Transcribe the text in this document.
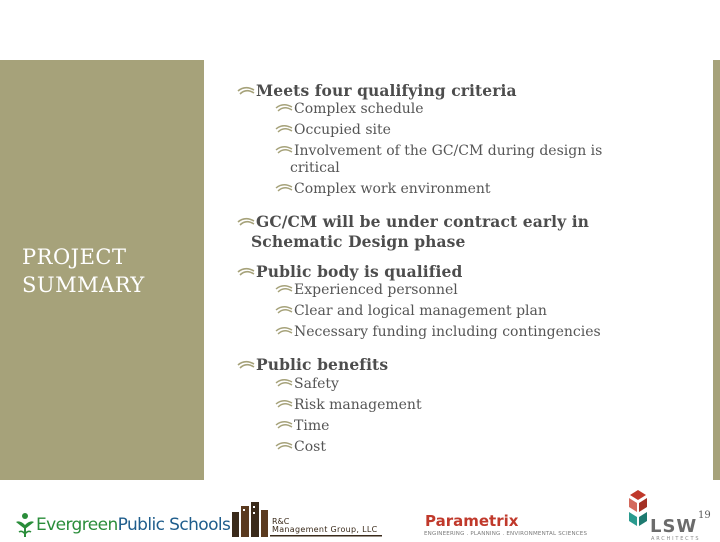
PROJECT
SUMMARY
Meets four qualifying criteria
Complex schedule
Occupied site
Involvement of the GC/CM during design is
critical
Complex work environment
GC/CM will be under contract early in
Schematic Design phase
Public body is qualified
Experienced personnel
Clear and logical management plan
Necessary funding including contingencies
Public benefits
Safety
Risk management
Time
Cost
EvergreenPublic Schools	R&C
Management Group, LLC	Parametrix
ENGINEERING . PLANNING . ENVIRONMENTAL SCIENCES	LSW
ARCHITECTS
19
